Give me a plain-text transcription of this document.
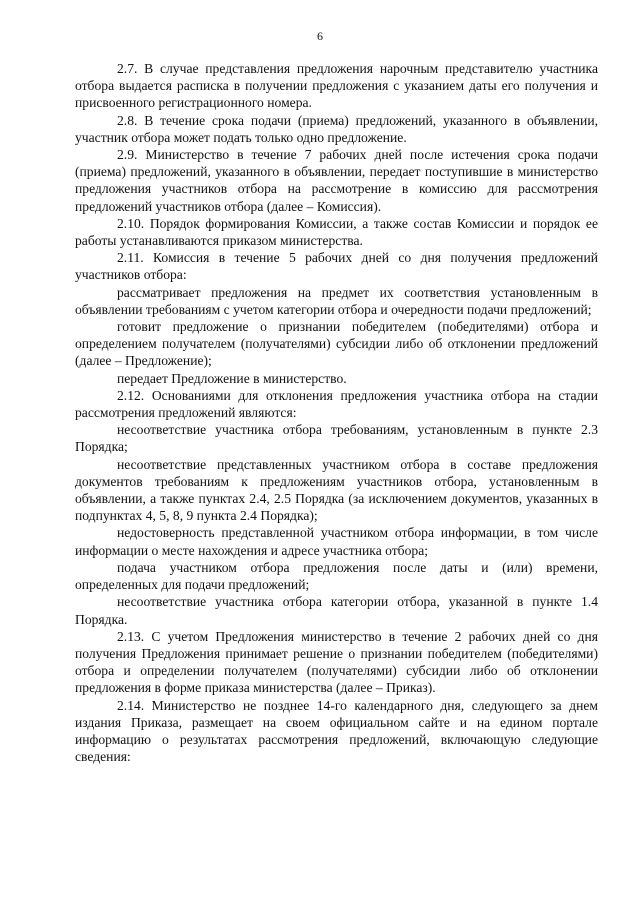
6

2.7. В случае представления предложения нарочным представителю участника отбора выдается расписка в получении предложения с указанием даты его получения и присвоенного регистрационного номера.

2.8. В течение срока подачи (приема) предложений, указанного в объявлении, участник отбора может подать только одно предложение.

2.9. Министерство в течение 7 рабочих дней после истечения срока подачи (приема) предложений, указанного в объявлении, передает поступившие в министерство предложения участников отбора на рассмотрение в комиссию для рассмотрения предложений участников отбора (далее – Комиссия).

2.10. Порядок формирования Комиссии, а также состав Комиссии и порядок ее работы устанавливаются приказом министерства.

2.11. Комиссия в течение 5 рабочих дней со дня получения предложений участников отбора:

рассматривает предложения на предмет их соответствия установленным в объявлении требованиям с учетом категории отбора и очередности подачи предложений;

готовит предложение о признании победителем (победителями) отбора и определением получателем (получателями) субсидии либо об отклонении предложений (далее – Предложение);

передает Предложение в министерство.

2.12. Основаниями для отклонения предложения участника отбора на стадии рассмотрения предложений являются:

несоответствие участника отбора требованиям, установленным в пункте 2.3 Порядка;

несоответствие представленных участником отбора в составе предложения документов требованиям к предложениям участников отбора, установленным в объявлении, а также пунктах 2.4, 2.5 Порядка (за исключением документов, указанных в подпунктах 4, 5, 8, 9 пункта 2.4 Порядка);

недостоверность представленной участником отбора информации, в том числе информации о месте нахождения и адресе участника отбора;

подача участником отбора предложения после даты и (или) времени, определенных для подачи предложений;

несоответствие участника отбора категории отбора, указанной в пункте 1.4 Порядка.

2.13. С учетом Предложения министерство в течение 2 рабочих дней со дня получения Предложения принимает решение о признании победителем (победителями) отбора и определении получателем (получателями) субсидии либо об отклонении предложения в форме приказа министерства (далее – Приказ).

2.14. Министерство не позднее 14-го календарного дня, следующего за днем издания Приказа, размещает на своем официальном сайте и на едином портале информацию о результатах рассмотрения предложений, включающую следующие сведения:
